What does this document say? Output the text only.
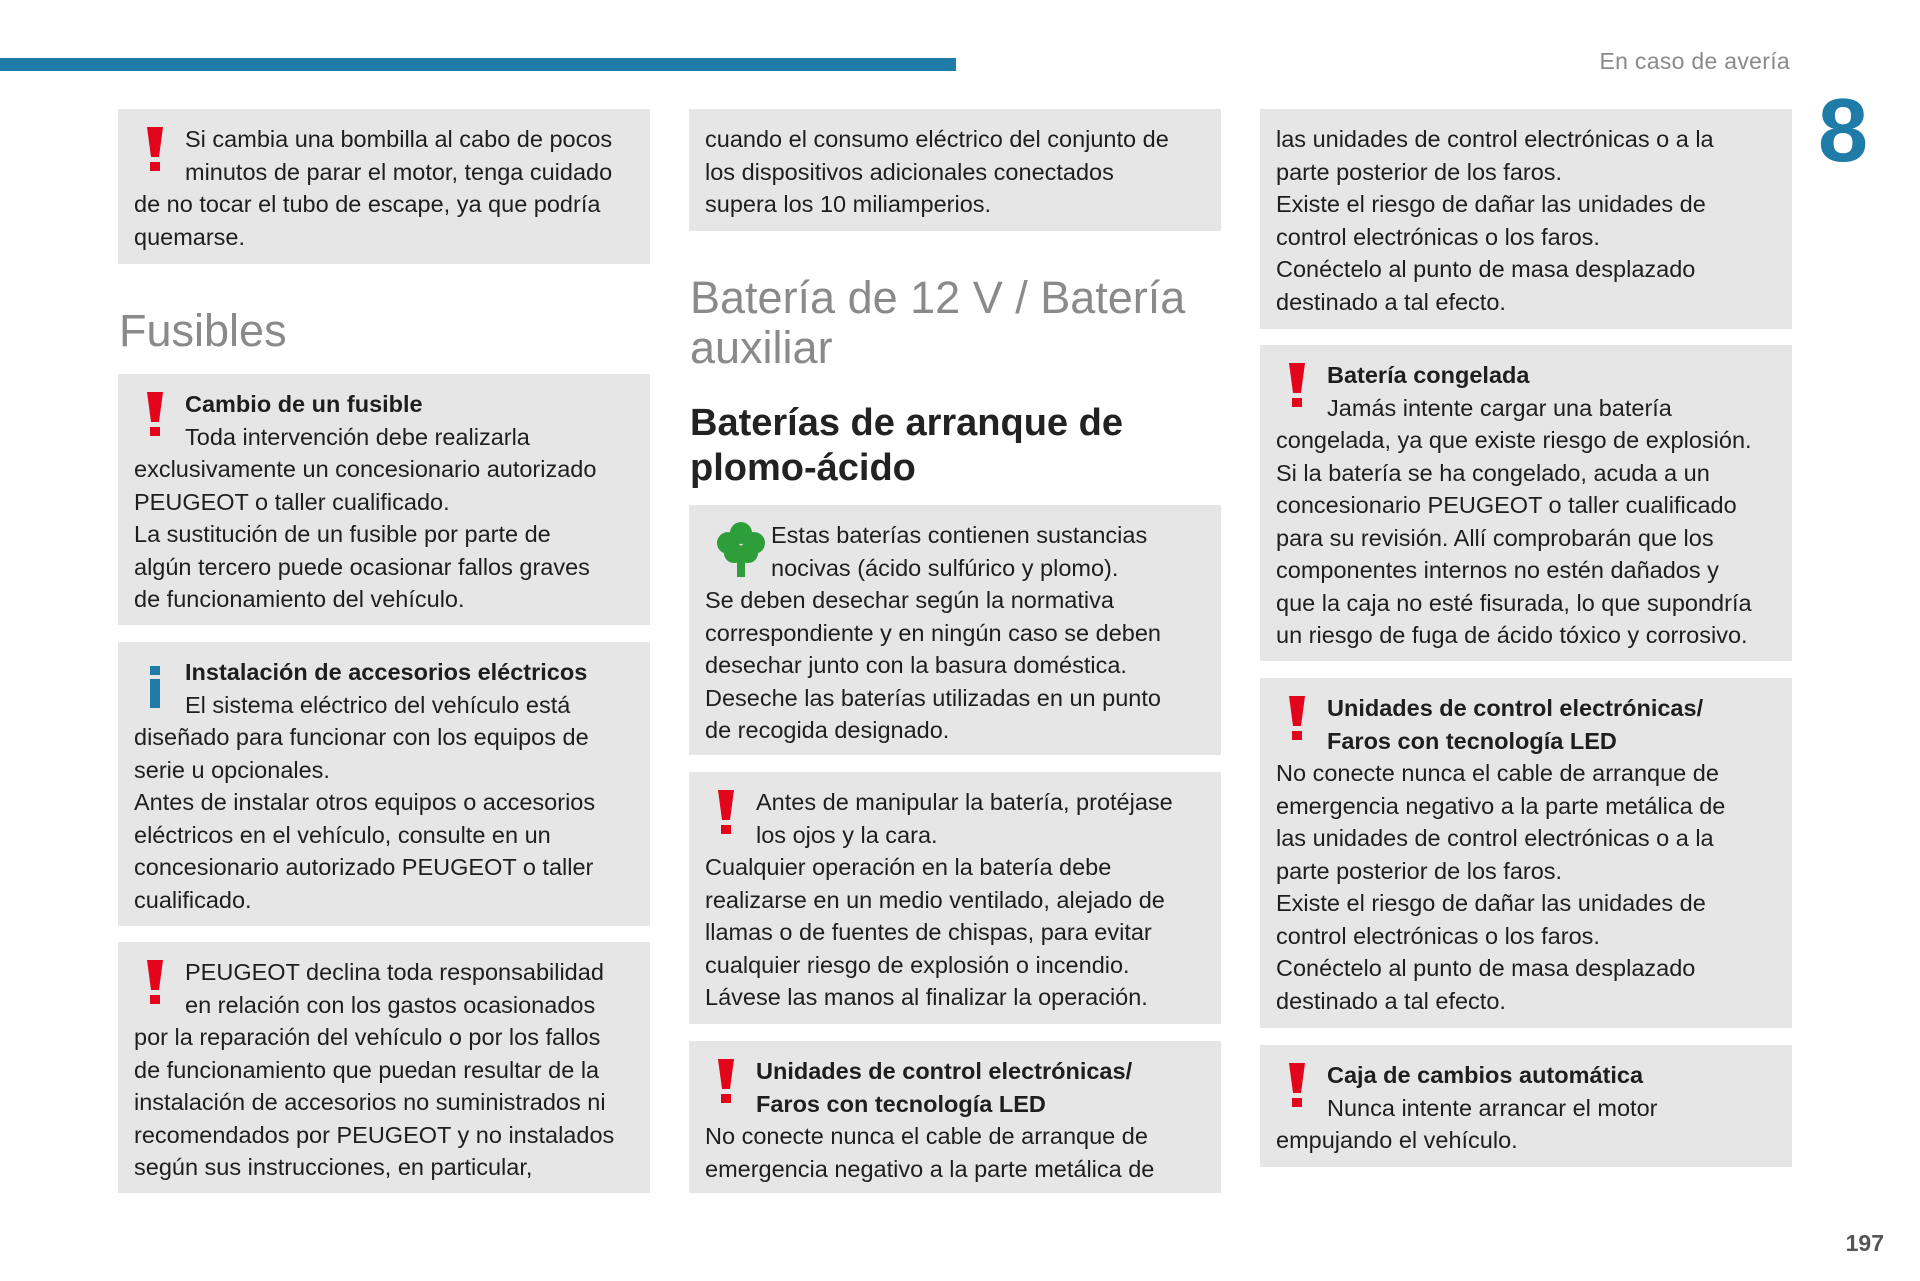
En caso de avería
8
Si cambia una bombilla al cabo de pocos
minutos de parar el motor, tenga cuidado
de no tocar el tubo de escape, ya que podría
quemarse.
Fusibles
Cambio de un fusible
Toda intervención debe realizarla
exclusivamente un concesionario autorizado
PEUGEOT o taller cualificado.
La sustitución de un fusible por parte de
algún tercero puede ocasionar fallos graves
de funcionamiento del vehículo.
Instalación de accesorios eléctricos
El sistema eléctrico del vehículo está
diseñado para funcionar con los equipos de
serie u opcionales.
Antes de instalar otros equipos o accesorios
eléctricos en el vehículo, consulte en un
concesionario autorizado PEUGEOT o taller
cualificado.
PEUGEOT declina toda responsabilidad
en relación con los gastos ocasionados
por la reparación del vehículo o por los fallos
de funcionamiento que puedan resultar de la
instalación de accesorios no suministrados ni
recomendados por PEUGEOT y no instalados
según sus instrucciones, en particular,
cuando el consumo eléctrico del conjunto de
los dispositivos adicionales conectados
supera los 10 miliamperios.
Batería de 12 V / Batería auxiliar
Baterías de arranque de plomo-ácido
Estas baterías contienen sustancias
nocivas (ácido sulfúrico y plomo).
Se deben desechar según la normativa
correspondiente y en ningún caso se deben
desechar junto con la basura doméstica.
Deseche las baterías utilizadas en un punto
de recogida designado.
Antes de manipular la batería, protéjase
los ojos y la cara.
Cualquier operación en la batería debe
realizarse en un medio ventilado, alejado de
llamas o de fuentes de chispas, para evitar
cualquier riesgo de explosión o incendio.
Lávese las manos al finalizar la operación.
Unidades de control electrónicas/
Faros con tecnología LED
No conecte nunca el cable de arranque de
emergencia negativo a la parte metálica de
las unidades de control electrónicas o a la
parte posterior de los faros.
Existe el riesgo de dañar las unidades de
control electrónicas o los faros.
Conéctelo al punto de masa desplazado
destinado a tal efecto.
Batería congelada
Jamás intente cargar una batería
congelada, ya que existe riesgo de explosión.
Si la batería se ha congelado, acuda a un
concesionario PEUGEOT o taller cualificado
para su revisión. Allí comprobarán que los
componentes internos no estén dañados y
que la caja no esté fisurada, lo que supondría
un riesgo de fuga de ácido tóxico y corrosivo.
Unidades de control electrónicas/
Faros con tecnología LED
No conecte nunca el cable de arranque de
emergencia negativo a la parte metálica de
las unidades de control electrónicas o a la
parte posterior de los faros.
Existe el riesgo de dañar las unidades de
control electrónicas o los faros.
Conéctelo al punto de masa desplazado
destinado a tal efecto.
Caja de cambios automática
Nunca intente arrancar el motor
empujando el vehículo.
197
